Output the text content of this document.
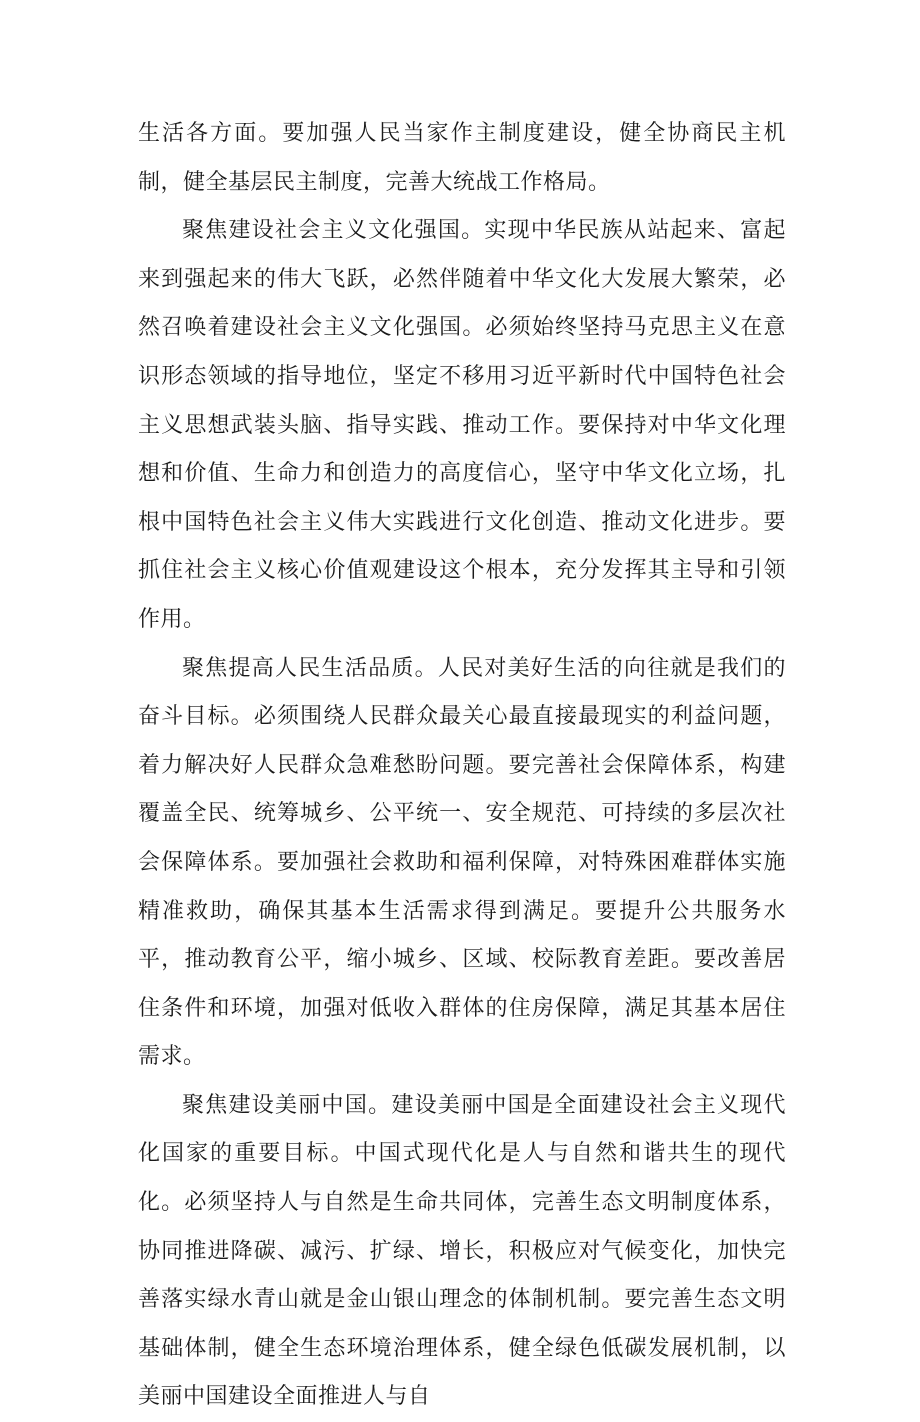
生活各方面。要加强人民当家作主制度建设，健全协商民主机制，健全基层民主制度，完善大统战工作格局。

聚焦建设社会主义文化强国。实现中华民族从站起来、富起来到强起来的伟大飞跃，必然伴随着中华文化大发展大繁荣，必然召唤着建设社会主义文化强国。必须始终坚持马克思主义在意识形态领域的指导地位，坚定不移用习近平新时代中国特色社会主义思想武装头脑、指导实践、推动工作。要保持对中华文化理想和价值、生命力和创造力的高度信心，坚守中华文化立场，扎根中国特色社会主义伟大实践进行文化创造、推动文化进步。要抓住社会主义核心价值观建设这个根本，充分发挥其主导和引领作用。

聚焦提高人民生活品质。人民对美好生活的向往就是我们的奋斗目标。必须围绕人民群众最关心最直接最现实的利益问题，着力解决好人民群众急难愁盼问题。要完善社会保障体系，构建覆盖全民、统筹城乡、公平统一、安全规范、可持续的多层次社会保障体系。要加强社会救助和福利保障，对特殊困难群体实施精准救助，确保其基本生活需求得到满足。要提升公共服务水平，推动教育公平，缩小城乡、区域、校际教育差距。要改善居住条件和环境，加强对低收入群体的住房保障，满足其基本居住需求。

聚焦建设美丽中国。建设美丽中国是全面建设社会主义现代化国家的重要目标。中国式现代化是人与自然和谐共生的现代化。必须坚持人与自然是生命共同体，完善生态文明制度体系，协同推进降碳、减污、扩绿、增长，积极应对气候变化，加快完善落实绿水青山就是金山银山理念的体制机制。要完善生态文明基础体制，健全生态环境治理体系，健全绿色低碳发展机制，以美丽中国建设全面推进人与自
